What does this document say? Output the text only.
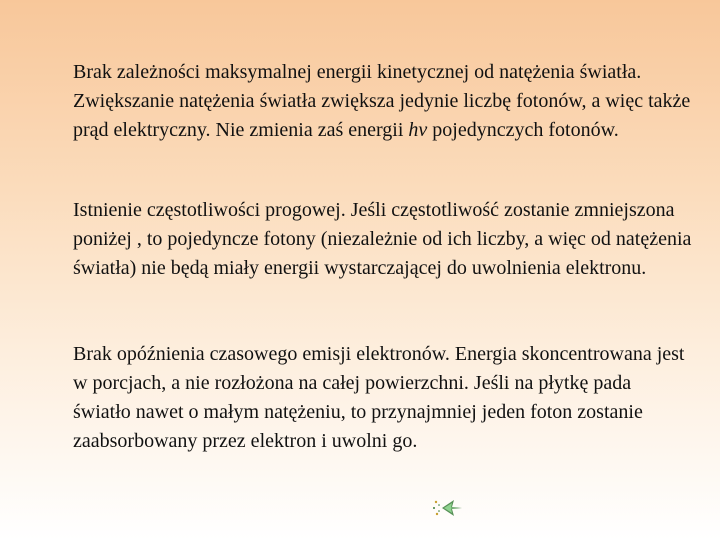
Brak zależności maksymalnej energii kinetycznej od natężenia światła. Zwiększanie natężenia światła zwiększa jedynie liczbę fotonów, a więc także prąd elektryczny. Nie zmienia zaś energii hν pojedynczych fotonów.

Istnienie częstotliwości progowej. Jeśli częstotliwość zostanie zmniejszona poniżej , to pojedyncze fotony (niezależnie od ich liczby, a więc od natężenia światła) nie będą miały energii wystarczającej do uwolnienia elektronu.

Brak opóźnienia czasowego emisji elektronów. Energia skoncentrowana jest w porcjach, a nie rozłożona na całej powierzchni. Jeśli na płytkę pada światło nawet o małym natężeniu, to przynajmniej jeden foton zostanie zaabsorbowany przez elektron i uwolni go.
